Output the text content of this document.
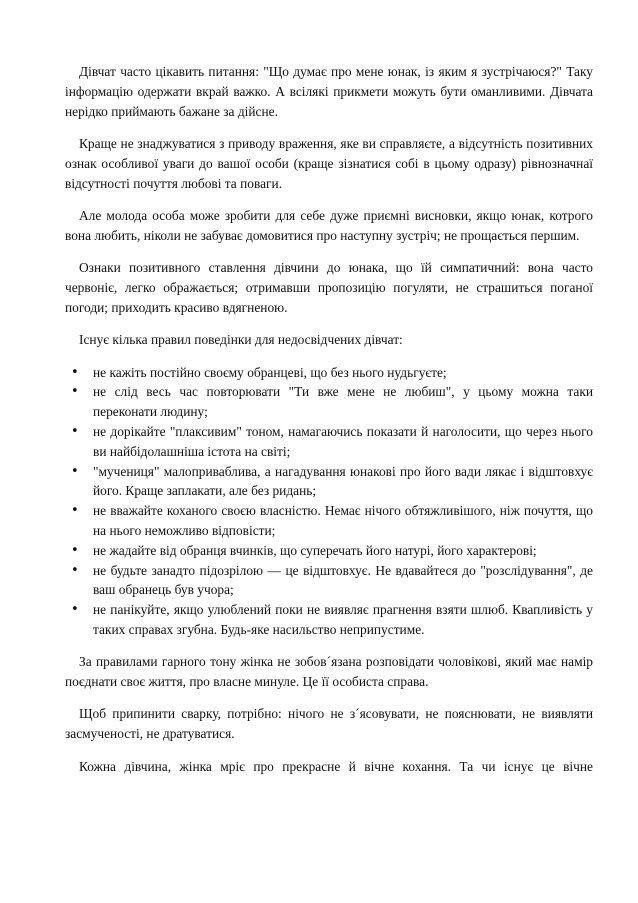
Дівчат часто цікавить питання: "Що думає про мене юнак, із яким я зустрічаюся?" Таку інформацію одержати вкрай важко. А всілякі прикмети можуть бути оманливими. Дівчата нерідко приймають бажане за дійсне.

Краще не знаджуватися з приводу враження, яке ви справляєте, а відсутність позитивних ознак особливої уваги до вашої особи (краще зізнатися собі в цьому одразу) рівнозначнаї відсутності почуття любові та поваги.

Але молода особа може зробити для себе дуже приємні висновки, якщо юнак, котрого вона любить, ніколи не забуває домовитися про наступну зустріч; не прощається першим.

Ознаки позитивного ставлення дівчини до юнака, що їй симпатичний: вона часто червоніє, легко ображається; отримавши пропозицію погуляти, не страшиться поганої погоди; приходить красиво вдягненою.

Існує кілька правил поведінки для недосвідчених дівчат:

• не кажіть постійно своєму обранцеві, що без нього нудьгуєте;
• не слід весь час повторювати "Ти вже мене не любиш", у цьому можна таки переконати людину;
• не дорікайте "плаксивим" тоном, намагаючись показати й наголосити, що через нього ви найбідолашніша істота на світі;
• "мучениця" малоприваблива, а нагадування юнакові про його вади лякає і відштовхує його. Краще заплакати, але без ридань;
• не вважайте коханого своєю власністю. Немає нічого обтяжливішого, ніж почуття, що на нього неможливо відповісти;
• не жадайте від обранця вчинків, що суперечать його натурі, його характерові;
• не будьте занадто підозрілою — це відштовхує. Не вдавайтеся до "розслідування", де ваш обранець був учора;
• не панікуйте, якщо улюблений поки не виявляє прагнення взяти шлюб. Квапливість у таких справах згубна. Будь-яке насильство неприпустиме.

За правилами гарного тону жінка не зобов´язана розповідати чоловікові, який має намір поєднати своє життя, про власне минуле. Це її особиста справа.

Щоб припинити сварку, потрібно: нічого не з´ясовувати, не пояснювати, не виявляти засмученості, не дратуватися.

Кожна дівчина, жінка мріє про прекрасне й вічне кохання. Та чи існує це вічне
